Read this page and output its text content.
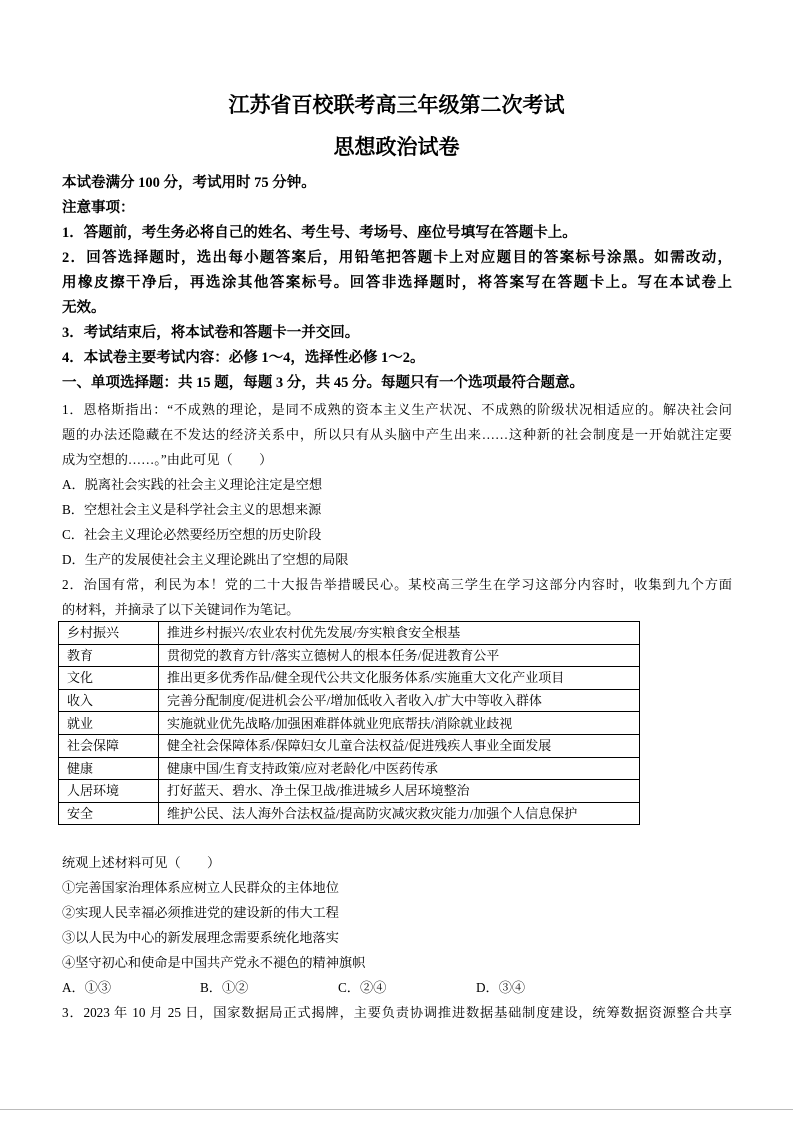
江苏省百校联考高三年级第二次考试
思想政治试卷
本试卷满分 100 分，考试用时 75 分钟。
注意事项：
1．答题前，考生务必将自己的姓名、考生号、考场号、座位号填写在答题卡上。
2．回答选择题时，选出每小题答案后，用铅笔把答题卡上对应题目的答案标号涂黑。如需改动，
用橡皮擦干净后，再选涂其他答案标号。回答非选择题时，将答案写在答题卡上。写在本试卷上
无效。
3．考试结束后，将本试卷和答题卡一并交回。
4．本试卷主要考试内容：必修 1～4，选择性必修 1～2。
一、单项选择题：共 15 题，每题 3 分，共 45 分。每题只有一个选项最符合题意。
1．恩格斯指出：“不成熟的理论，是同不成熟的资本主义生产状况、不成熟的阶级状况相适应的。解决社会问
题的办法还隐藏在不发达的经济关系中，所以只有从头脑中产生出来……这种新的社会制度是一开始就注定要
成为空想的……。”由此可见（　　）
A．脱离社会实践的社会主义理论注定是空想
B．空想社会主义是科学社会主义的思想来源
C．社会主义理论必然要经历空想的历史阶段
D．生产的发展使社会主义理论跳出了空想的局限
2．治国有常，利民为本！党的二十大报告举措暖民心。某校高三学生在学习这部分内容时，收集到九个方面
的材料，并摘录了以下关键词作为笔记。
乡村振兴	推进乡村振兴/农业农村优先发展/夯实粮食安全根基
教育	贯彻党的教育方针/落实立德树人的根本任务/促进教育公平
文化	推出更多优秀作品/健全现代公共文化服务体系/实施重大文化产业项目
收入	完善分配制度/促进机会公平/增加低收入者收入/扩大中等收入群体
就业	实施就业优先战略/加强困难群体就业兜底帮扶/消除就业歧视
社会保障	健全社会保障体系/保障妇女儿童合法权益/促进残疾人事业全面发展
健康	健康中国/生育支持政策/应对老龄化/中医药传承
人居环境	打好蓝天、碧水、净土保卫战/推进城乡人居环境整治
安全	维护公民、法人海外合法权益/提高防灾减灾救灾能力/加强个人信息保护
统观上述材料可见（　　）
①完善国家治理体系应树立人民群众的主体地位
②实现人民幸福必须推进党的建设新的伟大工程
③以人民为中心的新发展理念需要系统化地落实
④坚守初心和使命是中国共产党永不褪色的精神旗帜
A．①③	B．①②	C．②④	D．③④
3．2023 年 10 月 25 日，国家数据局正式揭牌，主要负责协调推进数据基础制度建设，统筹数据资源整合共享
